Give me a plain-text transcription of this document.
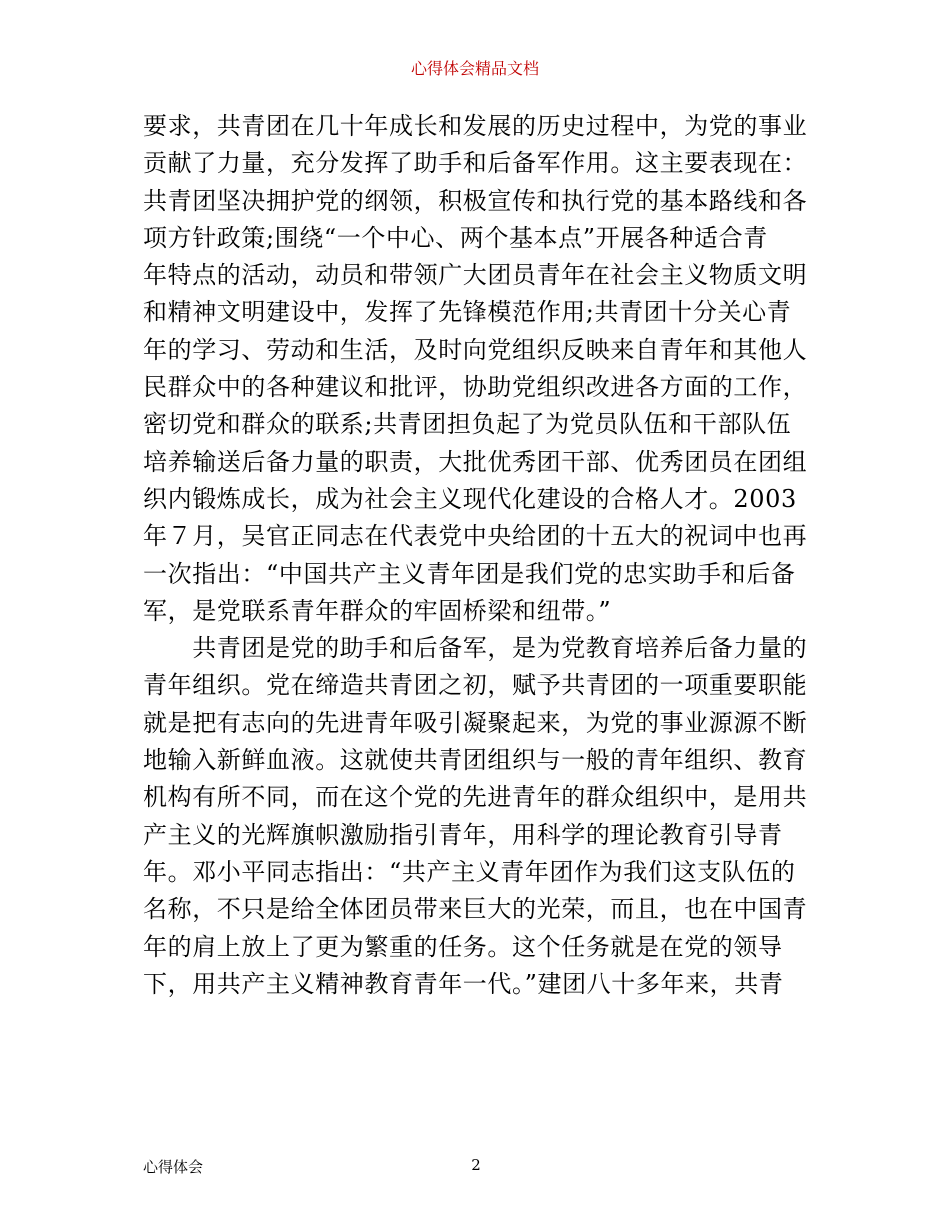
心得体会精品文档
要求，共青团在几十年成长和发展的历史过程中，为党的事业
贡献了力量，充分发挥了助手和后备军作用。这主要表现在：
共青团坚决拥护党的纲领，积极宣传和执行党的基本路线和各
项方针政策;围绕“一个中心、两个基本点”开展各种适合青
年特点的活动，动员和带领广大团员青年在社会主义物质文明
和精神文明建设中，发挥了先锋模范作用;共青团十分关心青
年的学习、劳动和生活，及时向党组织反映来自青年和其他人
民群众中的各种建议和批评，协助党组织改进各方面的工作，
密切党和群众的联系;共青团担负起了为党员队伍和干部队伍
培养输送后备力量的职责，大批优秀团干部、优秀团员在团组
织内锻炼成长，成为社会主义现代化建设的合格人才。2003
年７月，吴官正同志在代表党中央给团的十五大的祝词中也再
一次指出：“中国共产主义青年团是我们党的忠实助手和后备
军，是党联系青年群众的牢固桥梁和纽带。”
　　共青团是党的助手和后备军，是为党教育培养后备力量的
青年组织。党在缔造共青团之初，赋予共青团的一项重要职能
就是把有志向的先进青年吸引凝聚起来，为党的事业源源不断
地输入新鲜血液。这就使共青团组织与一般的青年组织、教育
机构有所不同，而在这个党的先进青年的群众组织中，是用共
产主义的光辉旗帜激励指引青年，用科学的理论教育引导青
年。邓小平同志指出：“共产主义青年团作为我们这支队伍的
名称，不只是给全体团员带来巨大的光荣，而且，也在中国青
年的肩上放上了更为繁重的任务。这个任务就是在党的领导
下，用共产主义精神教育青年一代。”建团八十多年来，共青
心得体会	2
